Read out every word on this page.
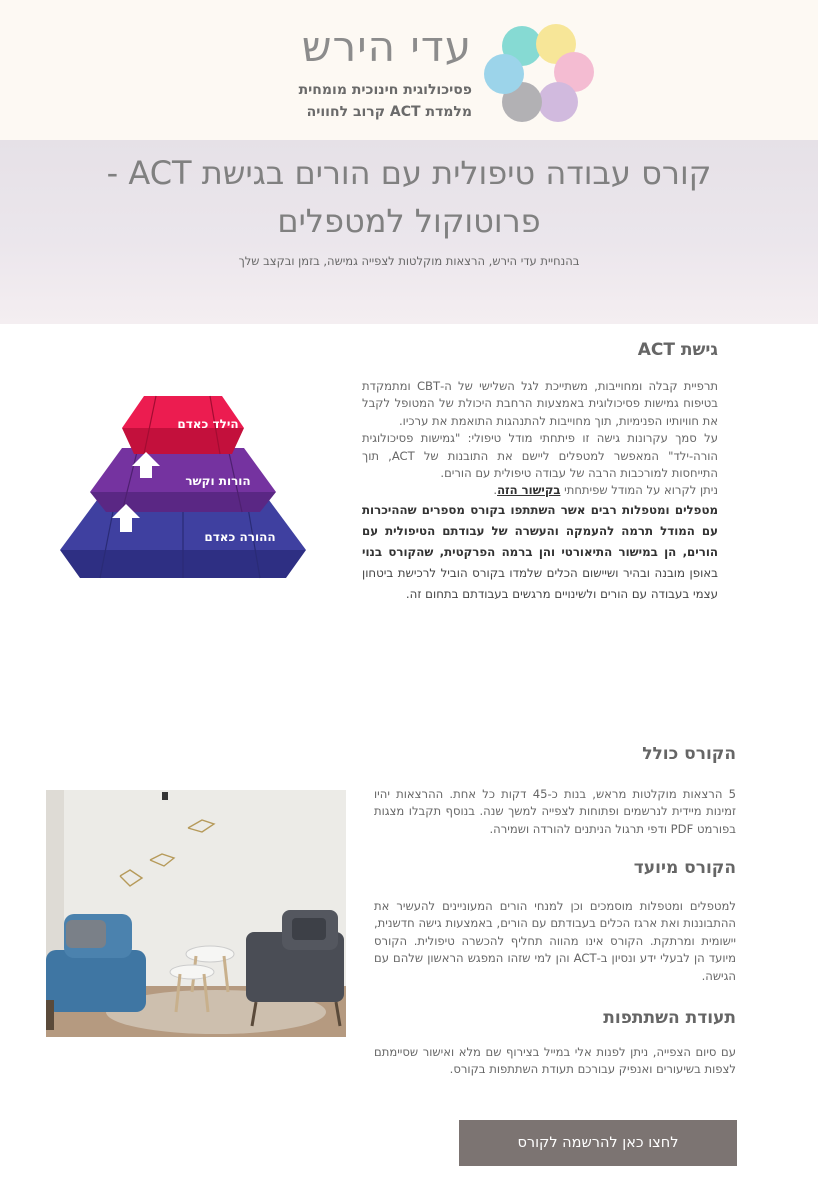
עדי הירש
פסיכולוגית חינוכית מומחית
מלמדת ACT קרוב לחוויה
קורס עבודה טיפולית עם הורים בגישת ACT -
פרוטוקול למטפלים
בהנחיית עדי הירש, הרצאות מוקלטות לצפייה גמישה, בזמן ובקצב שלך
גישת ACT
תרפיית קבלה ומחוייבות, משתייכת לגל השלישי של ה-CBT ומתמקדת בטיפוח גמישות פסיכולוגית באמצעות הרחבת היכולת של המטופל לקבל את חוויותיו הפנימיות, תוך מחוייבות להתנהגות התואמת את ערכיו.
על סמך עקרונות גישה זו פיתחתי מודל טיפולי: "גמישות פסיכולוגית הורה-ילד" המאפשר למטפלים ליישם את התובנות של ACT, תוך התייחסות למורכבות הרבה של עבודה טיפולית עם הורים.
ניתן לקרוא על המודל שפיתחתי בקישור הזה.
מטפלים ומטפלות רבים אשר השתתפו בקורס מספרים שההיכרות עם המודל תרמה להעמקה והעשרה של עבודתם הטיפולית עם הורים, הן במישור התיאורטי והן ברמה הפרקטית, שהקורס בנוי באופן מובנה ובהיר ושיישום הכלים שלמדו בקורס הוביל לרכישת ביטחון עצמי בעבודה עם הורים ולשינויים מרגשים בעבודתם בתחום זה.
הילד כאדם
הורות וקשר
ההורה כאדם
הקורס כולל
5 הרצאות מוקלטות מראש, בנות כ-45 דקות כל אחת. ההרצאות יהיו זמינות מיידית לנרשמים ופתוחות לצפייה למשך שנה. בנוסף תקבלו מצגות בפורמט PDF ודפי תרגול הניתנים להורדה ושמירה.
הקורס מיועד
למטפלים ומטפלות מוסמכים וכן למנחי הורים המעוניינים להעשיר את ההתבוננות ואת ארגז הכלים בעבודתם עם הורים, באמצעות גישה חדשנית, יישומית ומרתקת. הקורס אינו מהווה תחליף להכשרה טיפולית. הקורס מיועד הן לבעלי ידע ונסיון ב-ACT והן למי שזהו המפגש הראשון שלהם עם הגישה.
תעודת השתתפות
עם סיום הצפייה, ניתן לפנות אלי במייל בצירוף שם מלא ואישור שסיימתם לצפות בשיעורים ואנפיק עבורכם תעודת השתתפות בקורס.
לחצו כאן להרשמה לקורס
